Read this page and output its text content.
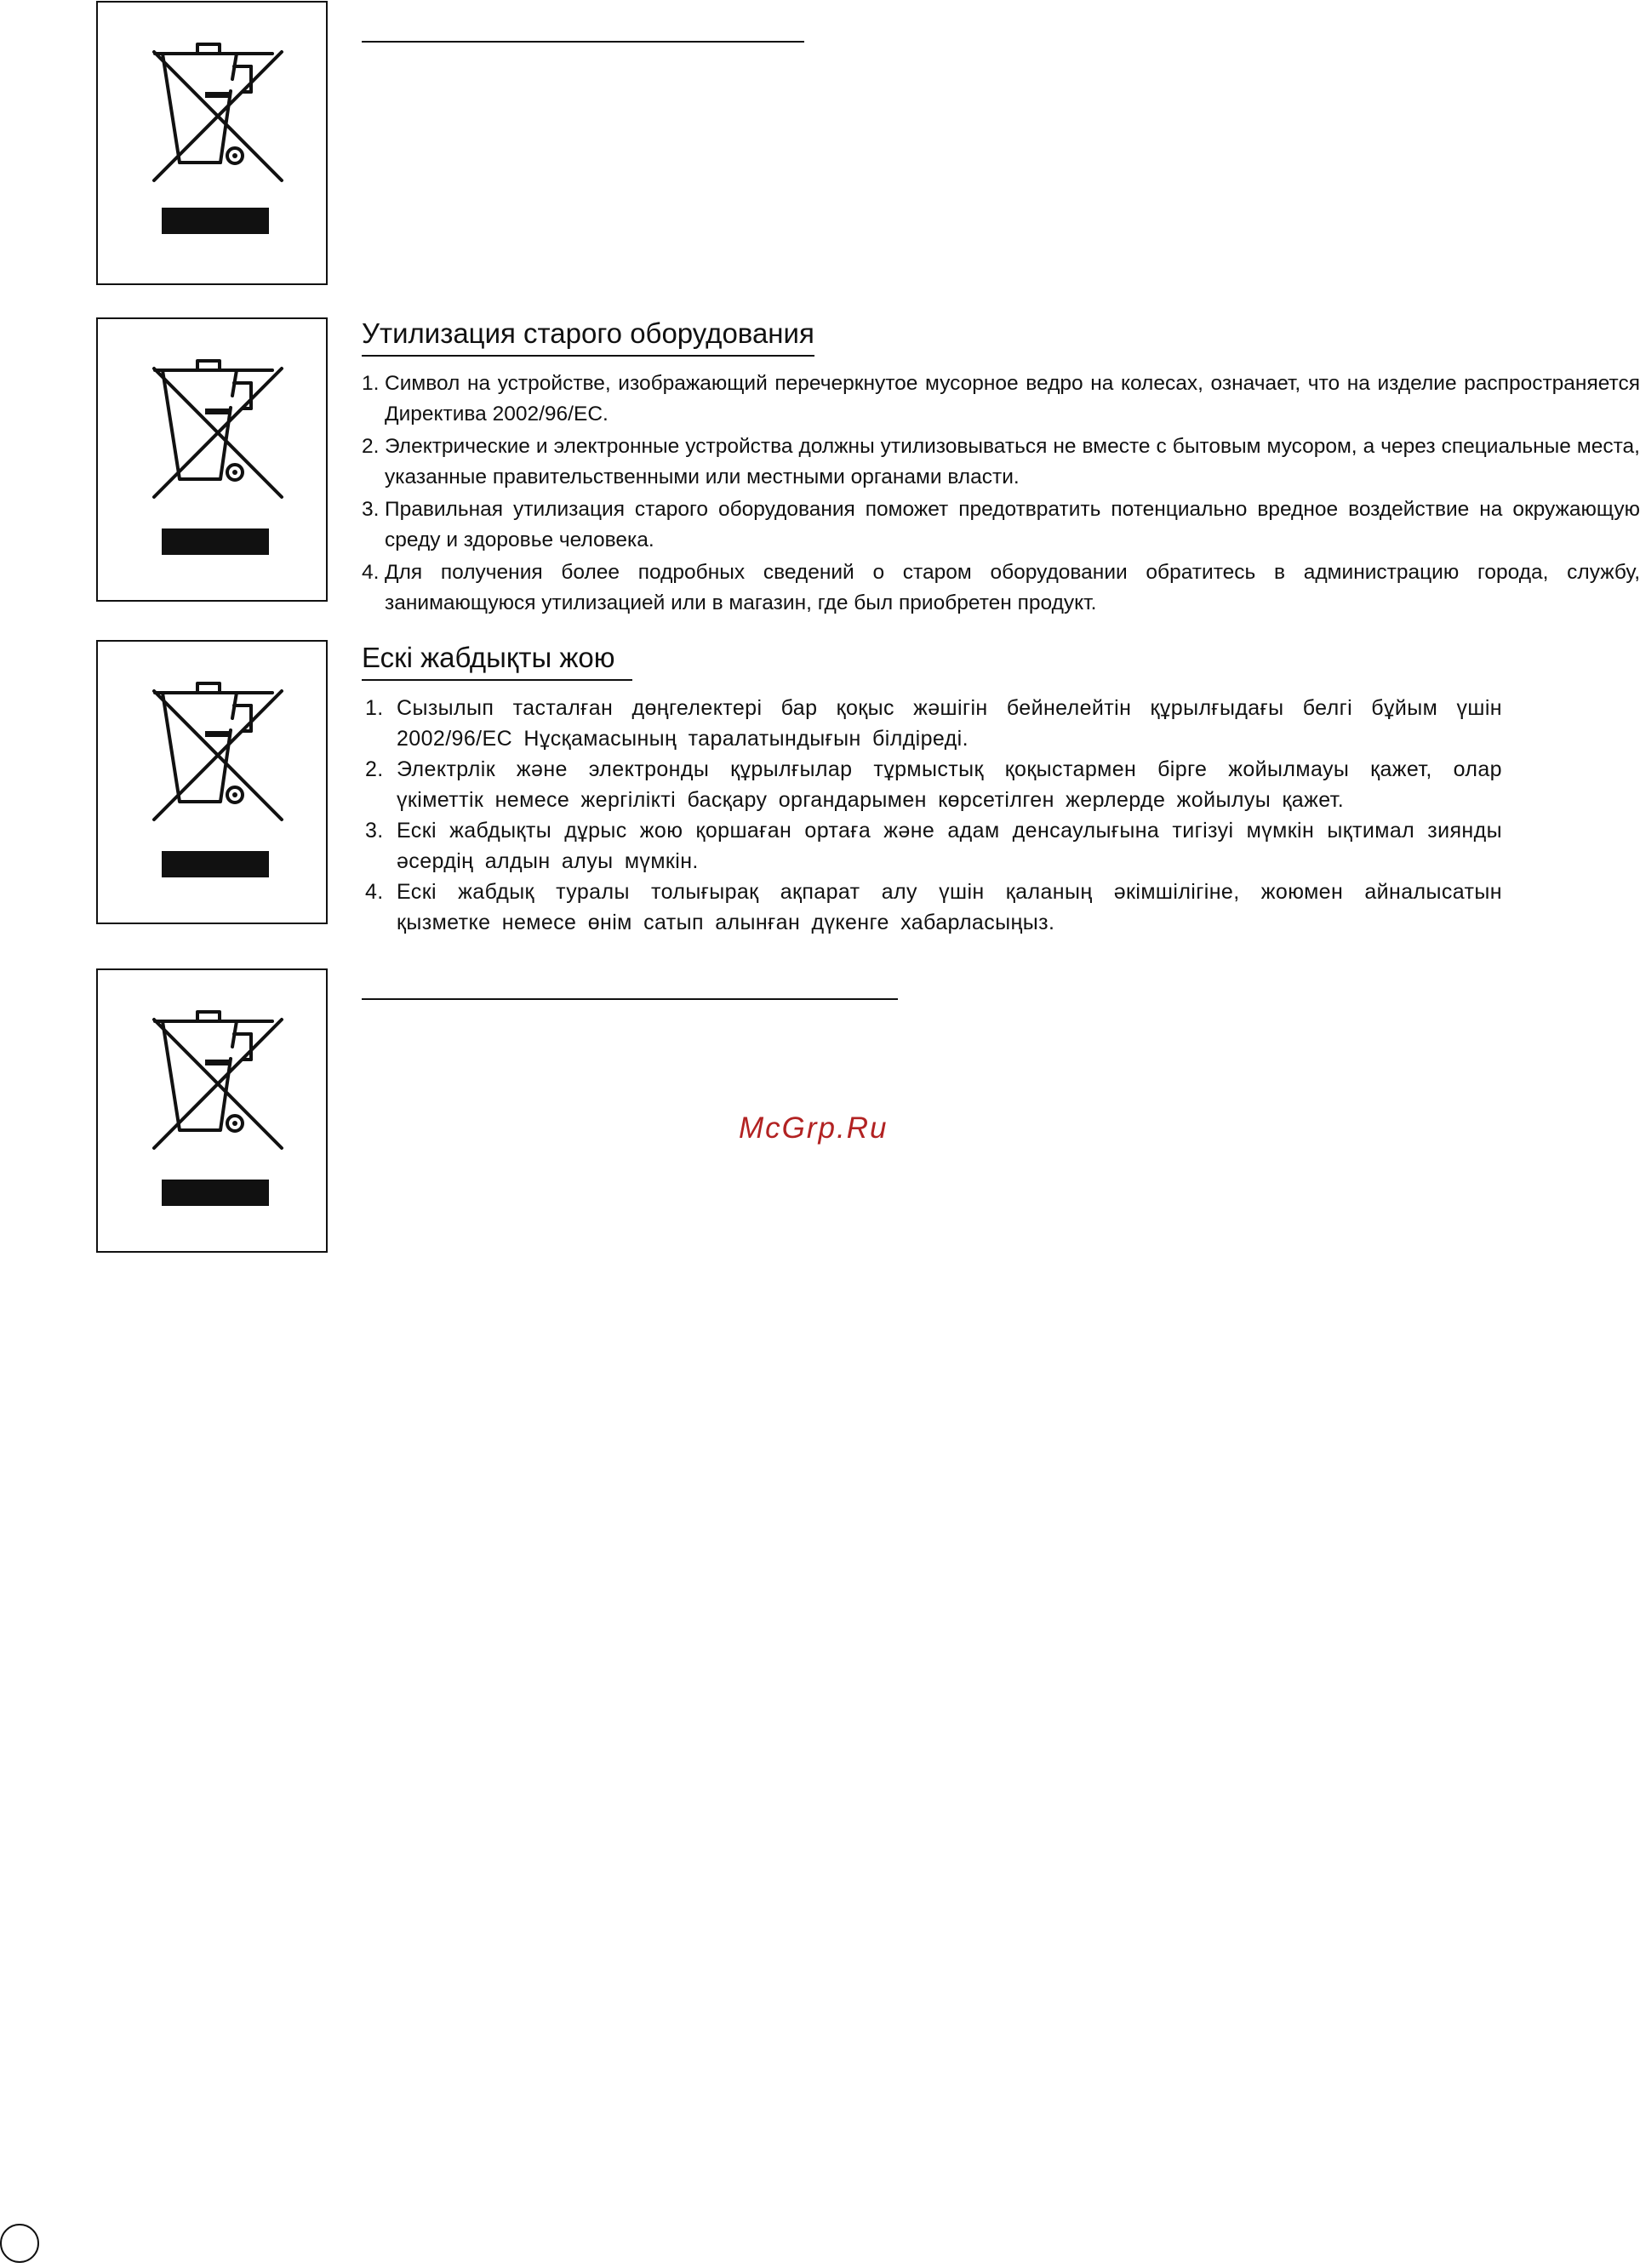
Утилизация старого оборудования
1. Символ на устройстве, изображающий перечеркнутое мусорное ведро на колесах, означает, что на изделие распространяется Директива 2002/96/EC.
2. Электрические и электронные устройства должны утилизовываться не вместе с бытовым мусором, а через специальные места, указанные правительственными или местными органами власти.
3. Правильная утилизация старого оборудования поможет предотвратить потенциально вредное воздействие на окружающую среду и здоровье человека.
4. Для получения более подробных сведений о старом оборудовании обратитесь в администрацию города, службу, занимающуюся утилизацией или в магазин, где был приобретен продукт.
Ескі жабдықты жою
1. Сызылып тасталған дөңгелектері бар қоқыс жәшігін бейнелейтін құрылғыдағы белгі бұйым үшін 2002/96/EC Нұсқамасының таралатындығын білдіреді.
2. Электрлік және электронды құрылғылар тұрмыстық қоқыстармен бірге жойылмауы қажет, олар үкіметтік немесе жергілікті басқару органдарымен көрсетілген жерлерде жойылуы қажет.
3. Ескі жабдықты дұрыс жою қоршаған ортаға және адам денсаулығына тигізуі мүмкін ықтимал зиянды әсердің алдын алуы мүмкін.
4. Ескі жабдық туралы толығырақ ақпарат алу үшін қаланың әкімшілігіне, жоюмен айналысатын қызметке немесе өнім сатып алынған дүкенге хабарласыңыз.
McGrp.Ru
